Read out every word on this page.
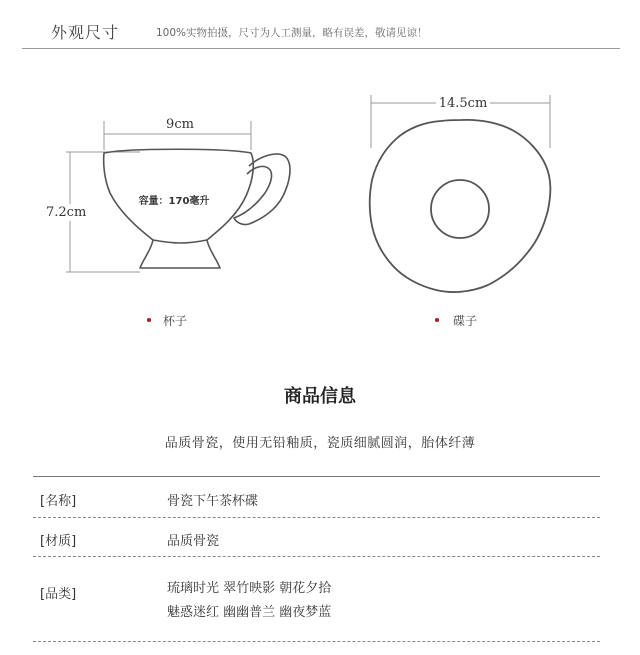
外观尺寸	100%实物拍摄，尺寸为人工测量，略有误差，敬请见谅！
9cm
7.2cm
容量：170毫升
14.5cm
杯子	碟子
商品信息
品质骨瓷，使用无铅釉质，瓷质细腻圆润，胎体纤薄
[名称]	骨瓷下午茶杯碟
[材质]	品质骨瓷
[品类]	琉璃时光 翠竹映影 朝花夕拾
魅惑迷红 幽幽普兰 幽夜梦蓝
